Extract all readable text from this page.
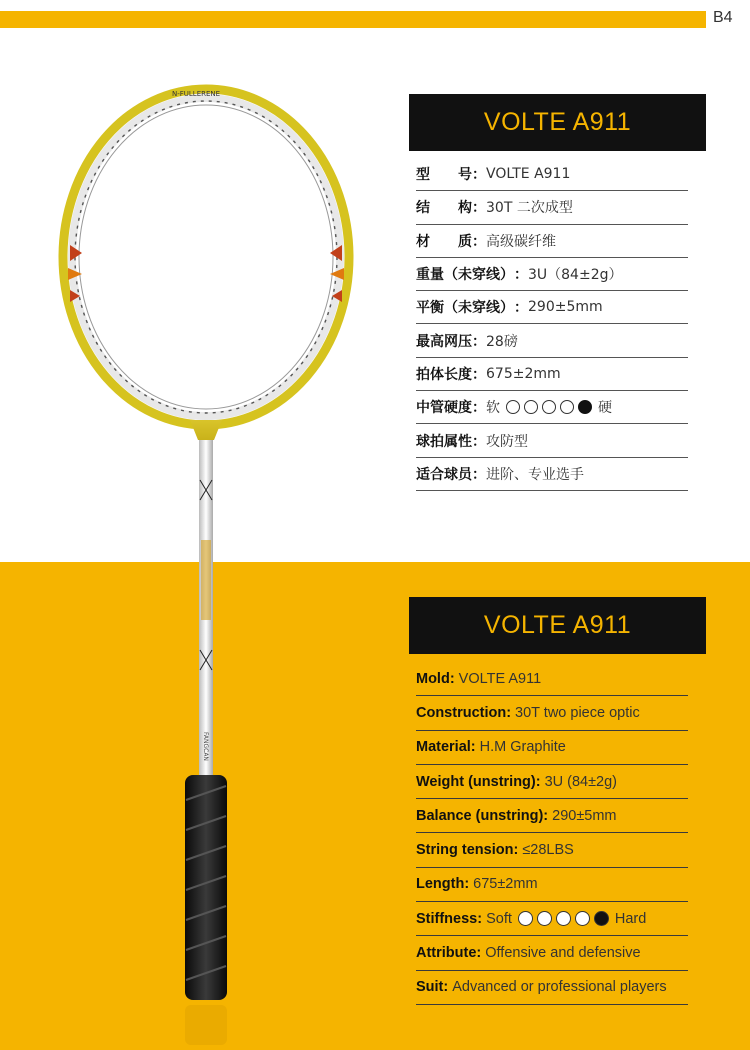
B4
N-FULLERENE
FANGCAN
VOLTE A911
型　　号 ： VOLTE A911
结　　构 ： 30T 二次成型
材　　质 ： 高级碳纤维
重量（未穿线） ： 3U（84±2g）
平衡（未穿线） ： 290±5mm
最高网压 ： 28磅
拍体长度 ： 675±2mm
中管硬度 ： 软	硬
球拍属性 ： 攻防型
适合球员 ： 进阶、专业选手
VOLTE A911
Mold: VOLTE A911
Construction: 30T two piece optic
Material: H.M Graphite
Weight (unstring): 3U (84±2g)
Balance (unstring): 290±5mm
String tension: ≤28LBS
Length: 675±2mm
Stiffness: Soft	Hard
Attribute: Offensive and defensive
Suit: Advanced or professional players
